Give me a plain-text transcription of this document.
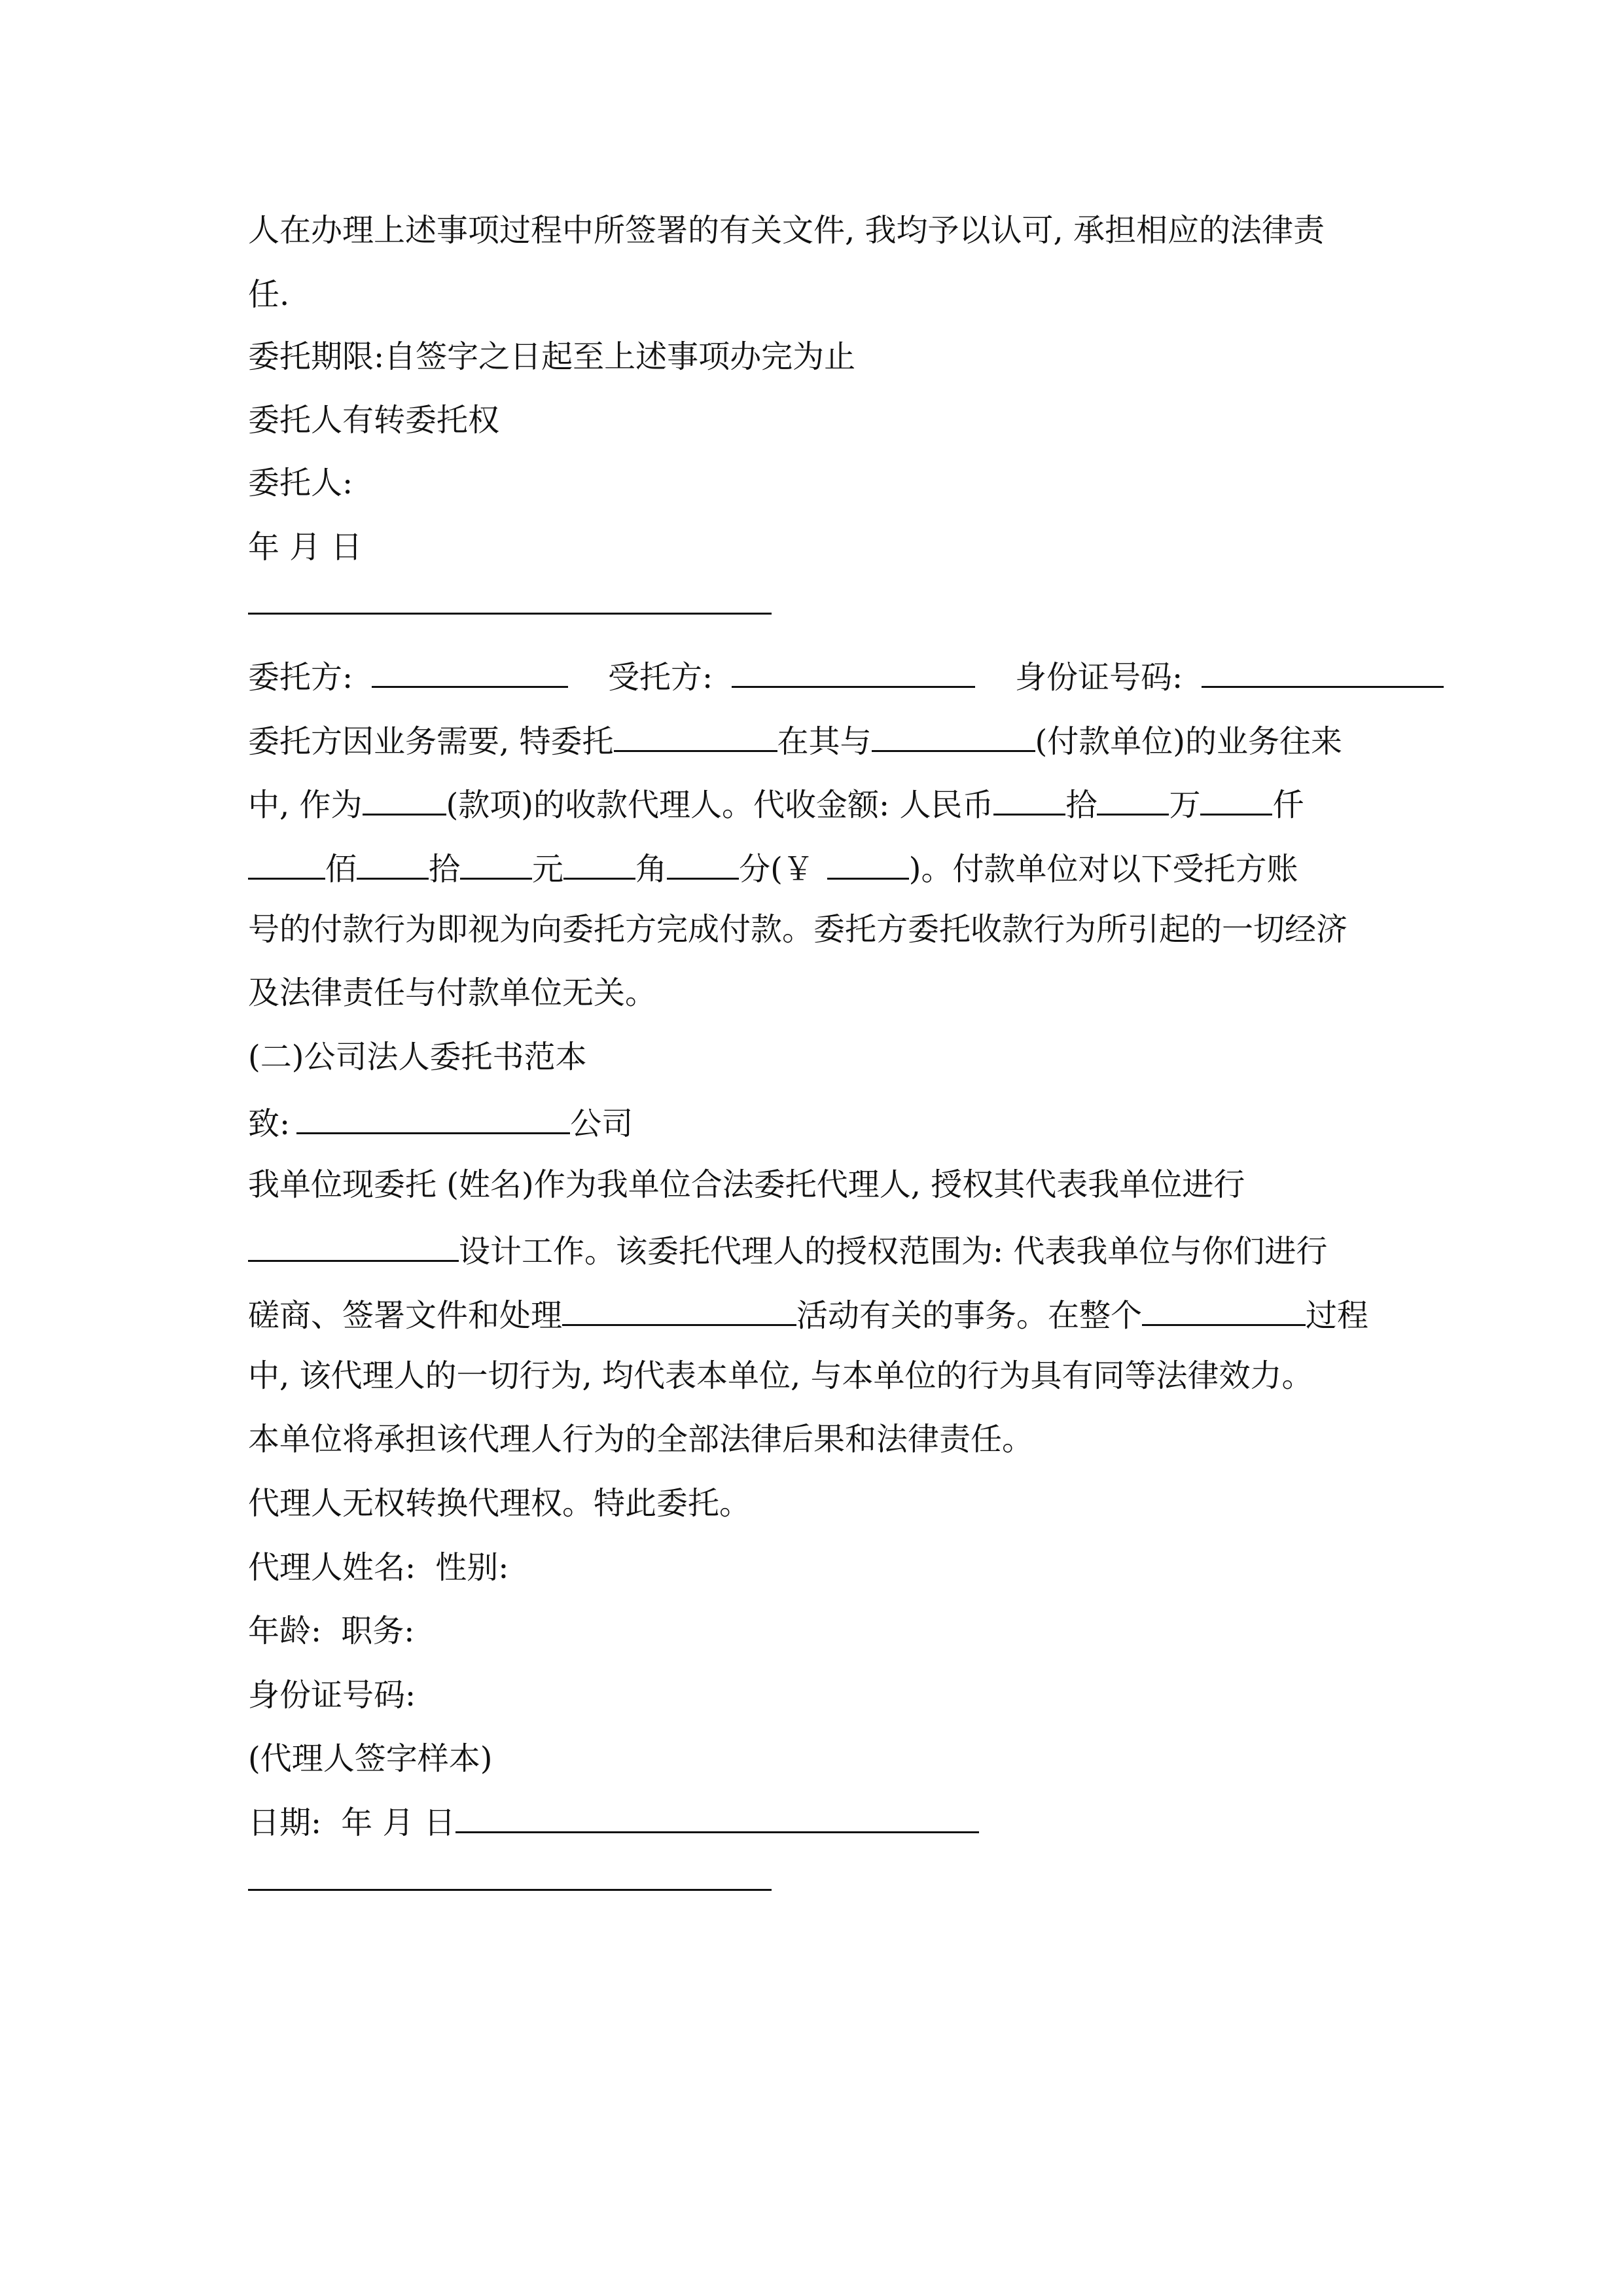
人在办理上述事项过程中所签署的有关文件, 我均予以认可, 承担相应的法律责
任.
委托期限:自签字之日起至上述事项办完为止
委托人有转委托权
委托人:
年 月 日
委托方:	受托方:	身份证号码:
委托方因业务需要, 特委托	在其与	(付款单位)的业务往来
中, 作为	(款项)的收款代理人。代收金额: 人民币 拾 万 仟
佰 拾 元 角 分(￥	)。付款单位对以下受托方账
号的付款行为即视为向委托方完成付款。委托方委托收款行为所引起的一切经济
及法律责任与付款单位无关。
(二)公司法人委托书范本
致:	公司
我单位现委托 (姓名)作为我单位合法委托代理人, 授权其代表我单位进行
设计工作。该委托代理人的授权范围为: 代表我单位与你们进行
磋商、签署文件和处理	活动有关的事务。在整个	过程
中, 该代理人的一切行为, 均代表本单位, 与本单位的行为具有同等法律效力。
本单位将承担该代理人行为的全部法律后果和法律责任。
代理人无权转换代理权。特此委托。
代理人姓名: 性别:
年龄: 职务:
身份证号码:
(代理人签字样本)
日期: 年 月 日
